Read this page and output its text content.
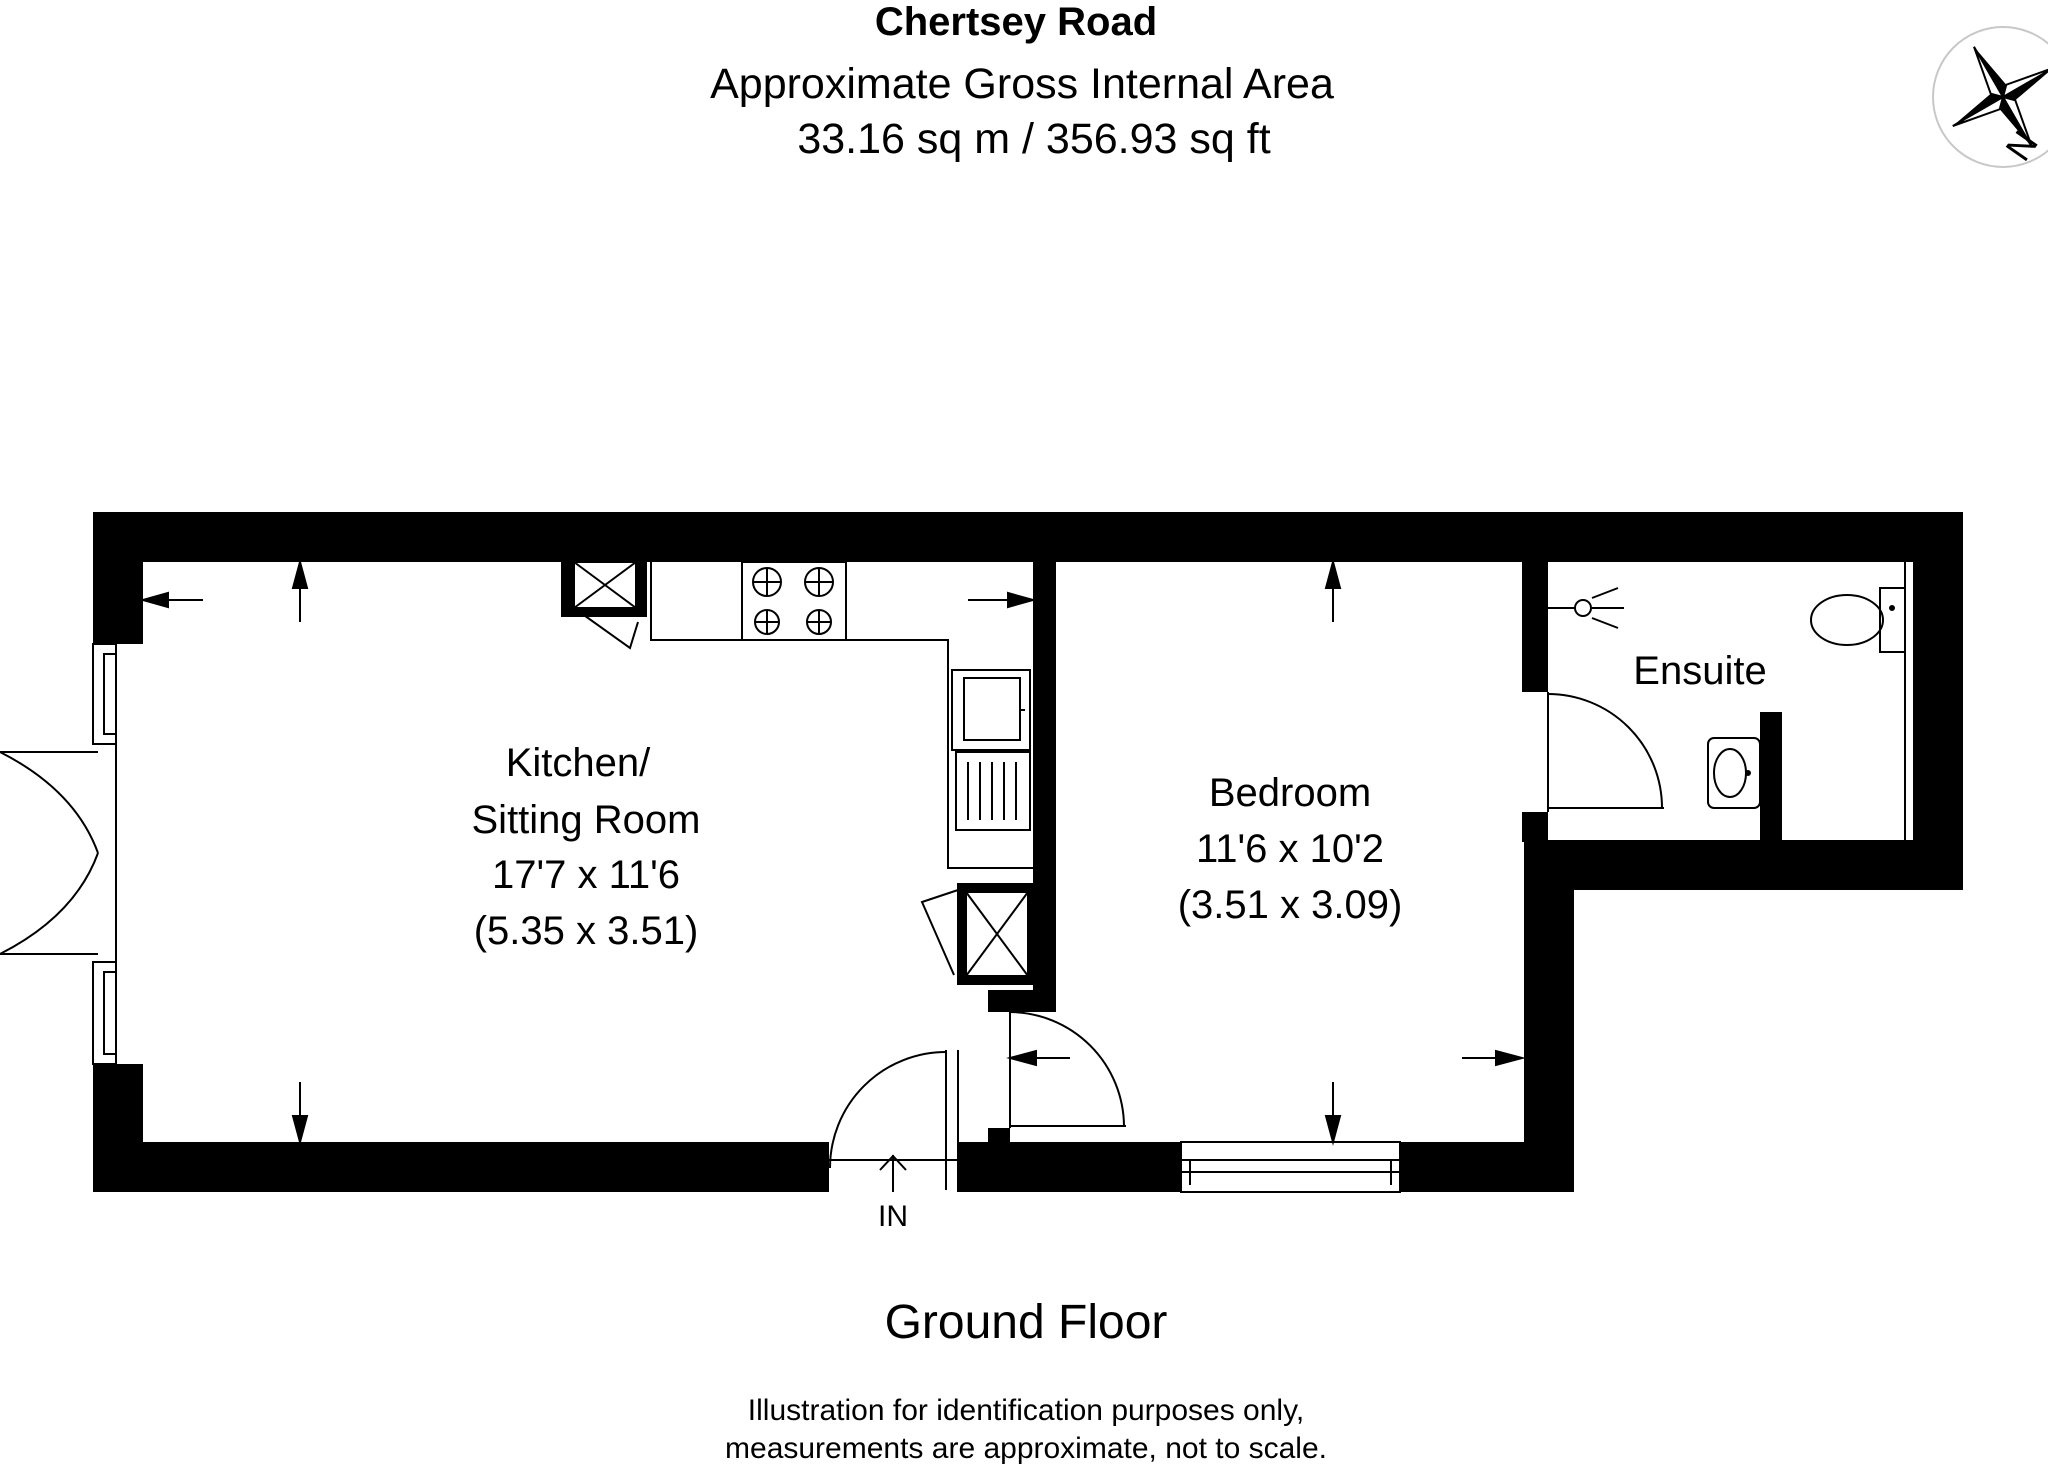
Chertsey Road
Approximate Gross Internal Area
33.16 sq m / 356.93 sq ft	N
IN
Kitchen/
Sitting Room
17'7 x 11'6
(5.35 x 3.51)
Bedroom
11'6 x 10'2
(3.51 x 3.09)
Ensuite
Ground Floor
Illustration for identification purposes only,
measurements are approximate, not to scale.
